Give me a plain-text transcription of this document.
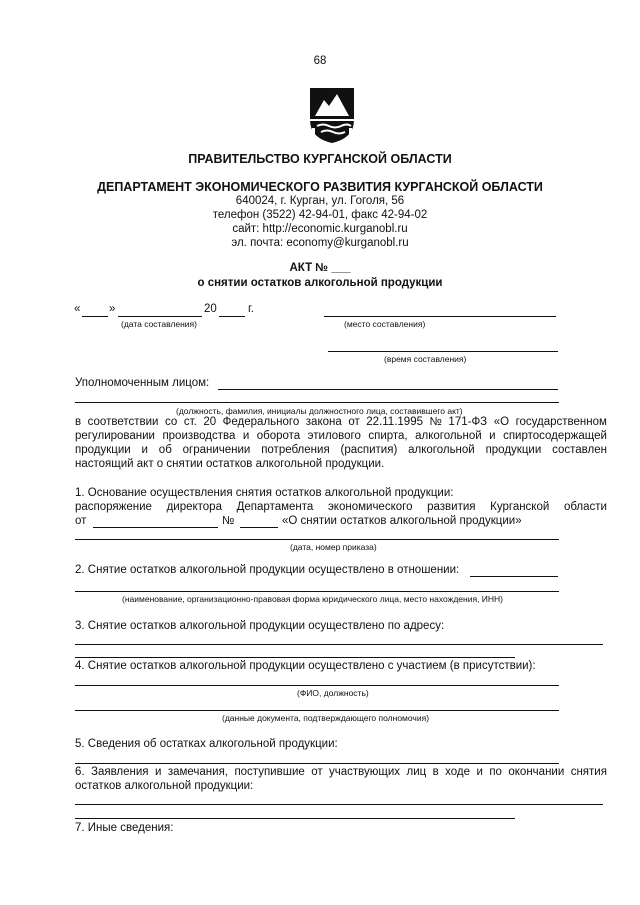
68
ПРАВИТЕЛЬСТВО КУРГАНСКОЙ ОБЛАСТИ
ДЕПАРТАМЕНТ ЭКОНОМИЧЕСКОГО РАЗВИТИЯ КУРГАНСКОЙ ОБЛАСТИ
640024, г. Курган, ул. Гоголя, 56
телефон (3522) 42-94-01, факс 42-94-02
сайт: http://economic.kurganobl.ru
эл. почта: economy@kurganobl.ru
АКТ № ___
о снятии остатков алкогольной продукции
« »	20	г.
(дата составления)	(место составления)
(время составления)
Уполномоченным лицом:
(должность, фамилия, инициалы должностного лица, составившего акт)
в соответствии со ст. 20 Федерального закона от 22.11.1995 № 171-ФЗ «О государственном
регулировании производства и оборота этилового спирта, алкогольной и спиртосодержащей
продукции и об ограничении потребления (распития) алкогольной продукции составлен
настоящий акт о снятии остатков алкогольной продукции.
1. Основание осуществления снятия остатков алкогольной продукции:
распоряжение директора Департамента экономического развития Курганской области
от	№	«О снятии остатков алкогольной продукции»
(дата, номер приказа)
2. Снятие остатков алкогольной продукции осуществлено в отношении:
(наименование, организационно-правовая форма юридического лица, место нахождения, ИНН)
3. Снятие остатков алкогольной продукции осуществлено по адресу:
4. Снятие остатков алкогольной продукции осуществлено с участием (в присутствии):
(ФИО, должность)
(данные документа, подтверждающего полномочия)
5. Сведения об остатках алкогольной продукции:
6. Заявления и замечания, поступившие от участвующих лиц в ходе и по окончании снятия
остатков алкогольной продукции:
7. Иные сведения:
